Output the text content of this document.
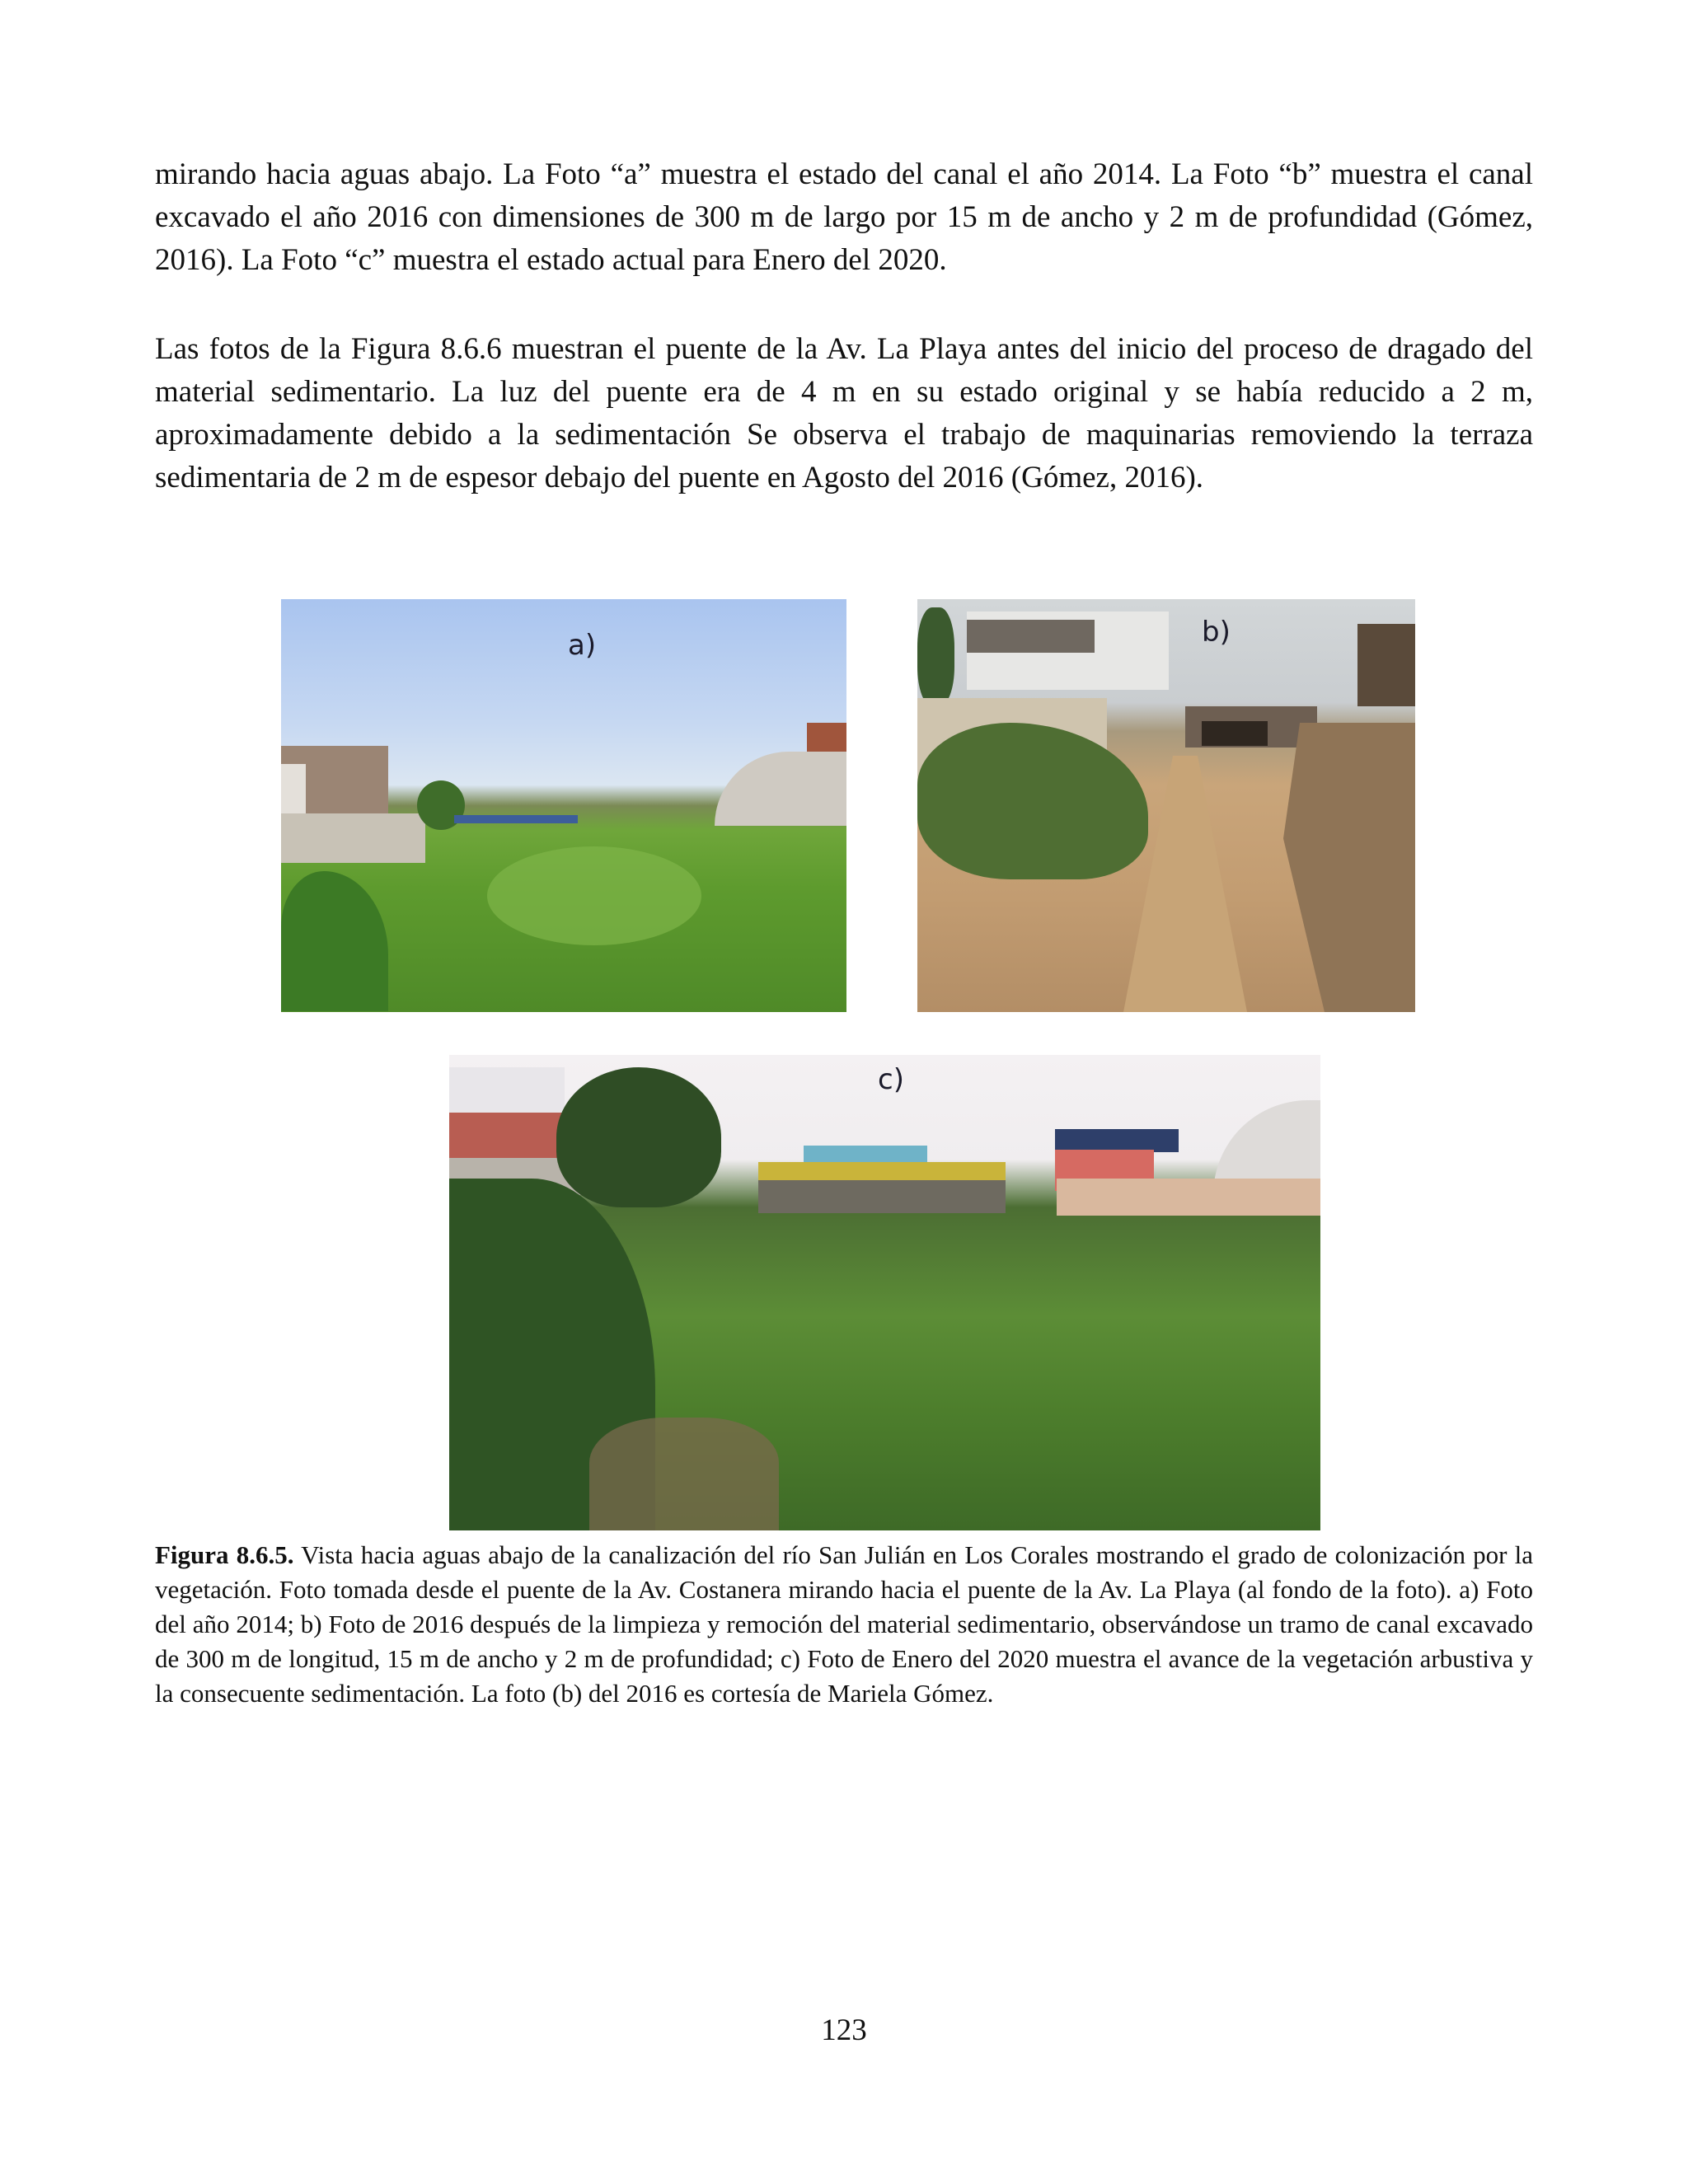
mirando hacia aguas abajo. La Foto “a” muestra el estado del canal el año 2014. La Foto “b” muestra el canal excavado el año 2016 con dimensiones de 300 m de largo por 15 m de ancho y 2 m de profundidad (Gómez, 2016). La Foto “c” muestra el estado actual para Enero del 2020.

Las fotos de la Figura 8.6.6 muestran el puente de la Av. La Playa antes del inicio del proceso de dragado del material sedimentario. La luz del puente era de 4 m en su estado original y se había reducido a 2 m, aproximadamente debido a la sedimentación Se observa el trabajo de maquinarias removiendo la terraza sedimentaria de 2 m de espesor debajo del puente en Agosto del 2016 (Gómez, 2016).

a)	b)
c)

Figura 8.6.5. Vista hacia aguas abajo de la canalización del río San Julián en Los Corales mostrando el grado de colonización por la vegetación. Foto tomada desde el puente de la Av. Costanera mirando hacia el puente de la Av. La Playa (al fondo de la foto). a) Foto del año 2014; b) Foto de 2016 después de la limpieza y remoción del material sedimentario, observándose un tramo de canal excavado de 300 m de longitud, 15 m de ancho y 2 m de profundidad; c) Foto de Enero del 2020 muestra el avance de la vegetación arbustiva y la consecuente sedimentación. La foto (b) del 2016 es cortesía de Mariela Gómez.

123
